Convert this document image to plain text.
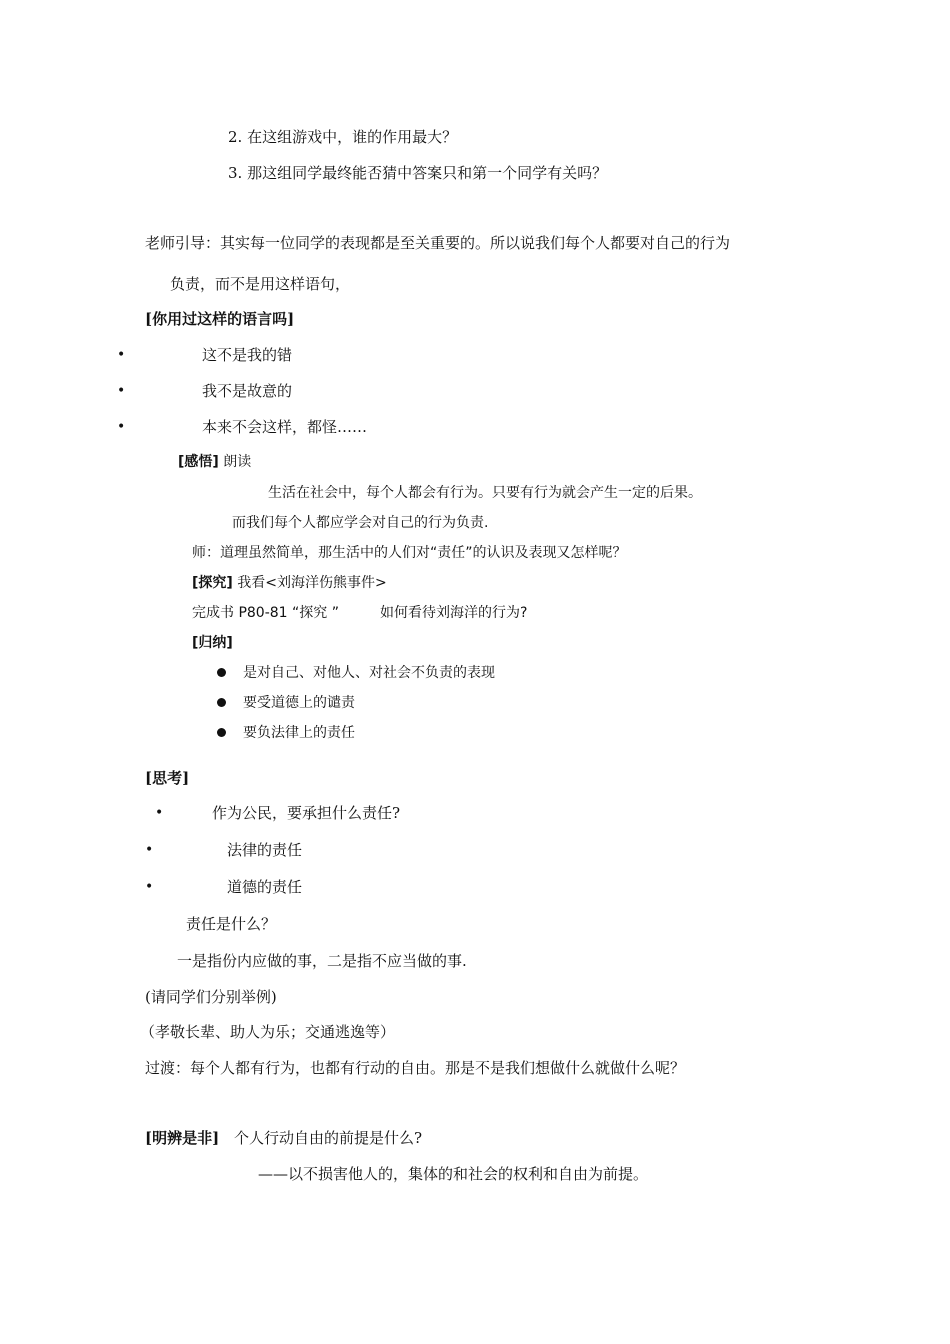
2. 在这组游戏中，谁的作用最大？
3. 那这组同学最终能否猜中答案只和第一个同学有关吗？
老师引导：其实每一位同学的表现都是至关重要的。所以说我们每个人都要对自己的行为
负责，而不是用这样语句，
[你用过这样的语言吗]
•	这不是我的错
•	我不是故意的
•	本来不会这样，都怪……
[感悟] 朗读
生活在社会中，每个人都会有行为。只要有行为就会产生一定的后果。
而我们每个人都应学会对自己的行为负责.
师：道理虽然简单，那生活中的人们对“责任”的认识及表现又怎样呢？
[探究] 我看<刘海洋伤熊事件>
完成书 P80-81 “探究 ”	如何看待刘海洋的行为?
[归纳]
是对自己、对他人、对社会不负责的表现
要受道德上的谴责
要负法律上的责任
[思考]
•	作为公民，要承担什么责任?
•	法律的责任
•	道德的责任
责任是什么？
一是指份内应做的事，二是指不应当做的事.
(请同学们分别举例)
（孝敬长辈、助人为乐；交通逃逸等）
过渡：每个人都有行为，也都有行动的自由。那是不是我们想做什么就做什么呢？
[明辨是非] 个人行动自由的前提是什么?
——以不损害他人的，集体的和社会的权利和自由为前提。
